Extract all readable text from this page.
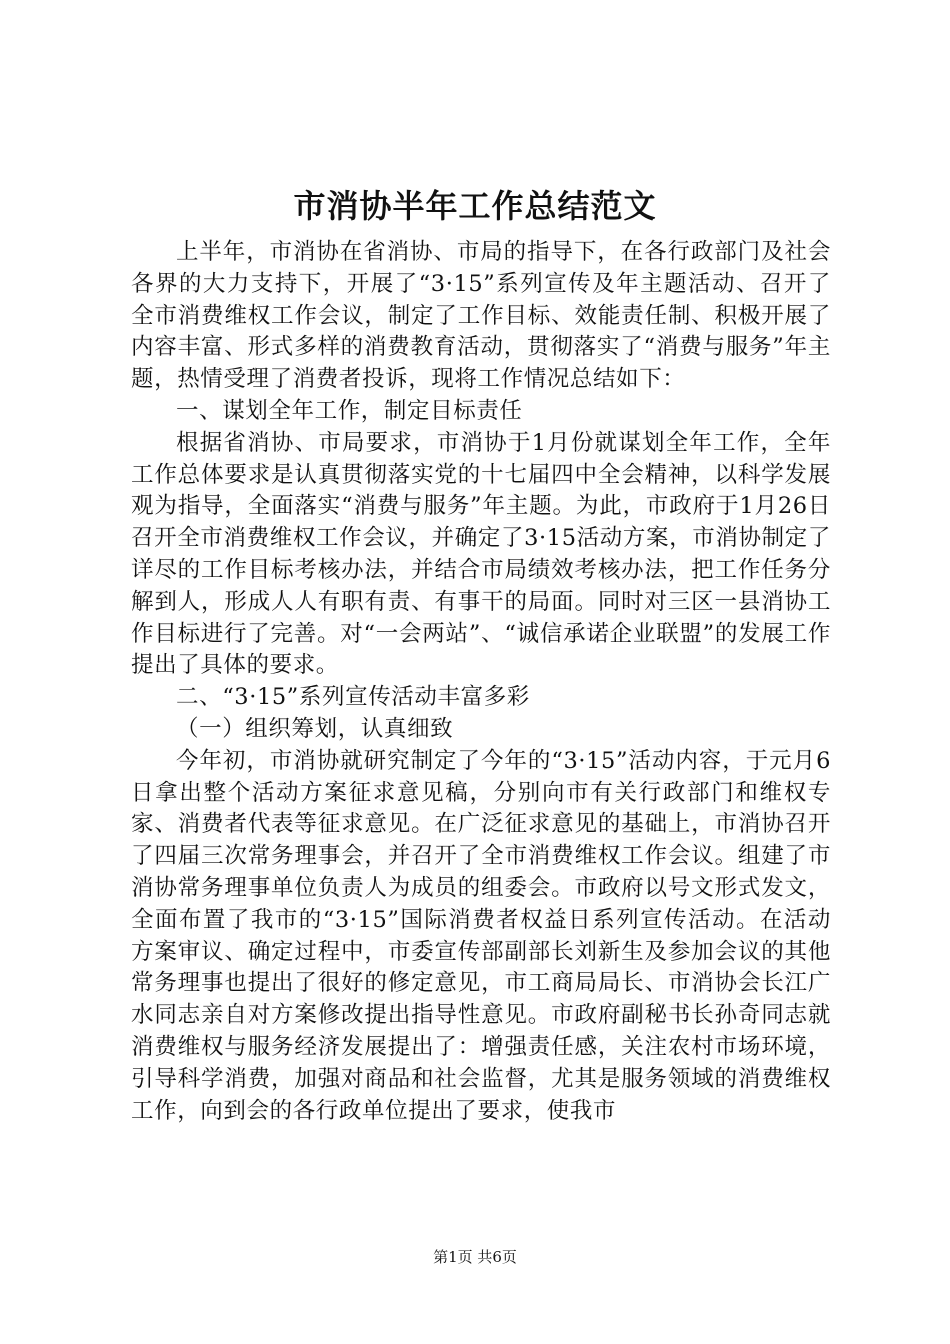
市消协半年工作总结范文

上半年，市消协在省消协、市局的指导下，在各行政部门及社会各界的大力支持下，开展了“3·15”系列宣传及年主题活动、召开了全市消费维权工作会议，制定了工作目标、效能责任制、积极开展了内容丰富、形式多样的消费教育活动，贯彻落实了“消费与服务”年主题，热情受理了消费者投诉，现将工作情况总结如下：

一、谋划全年工作，制定目标责任

根据省消协、市局要求，市消协于1月份就谋划全年工作，全年工作总体要求是认真贯彻落实党的十七届四中全会精神，以科学发展观为指导，全面落实“消费与服务”年主题。为此，市政府于1月26日召开全市消费维权工作会议，并确定了3·15活动方案，市消协制定了详尽的工作目标考核办法，并结合市局绩效考核办法，把工作任务分解到人，形成人人有职有责、有事干的局面。同时对三区一县消协工作目标进行了完善。对“一会两站”、“诚信承诺企业联盟”的发展工作提出了具体的要求。

二、“3·15”系列宣传活动丰富多彩

（一）组织筹划，认真细致

今年初，市消协就研究制定了今年的“3·15”活动内容，于元月6日拿出整个活动方案征求意见稿，分别向市有关行政部门和维权专家、消费者代表等征求意见。在广泛征求意见的基础上，市消协召开了四届三次常务理事会，并召开了全市消费维权工作会议。组建了市消协常务理事单位负责人为成员的组委会。市政府以号文形式发文，全面布置了我市的“3·15”国际消费者权益日系列宣传活动。在活动方案审议、确定过程中，市委宣传部副部长刘新生及参加会议的其他常务理事也提出了很好的修定意见，市工商局局长、市消协会长江广水同志亲自对方案修改提出指导性意见。市政府副秘书长孙奇同志就消费维权与服务经济发展提出了：增强责任感，关注农村市场环境，引导科学消费，加强对商品和社会监督，尤其是服务领域的消费维权工作，向到会的各行政单位提出了要求，使我市

第1页 共6页
